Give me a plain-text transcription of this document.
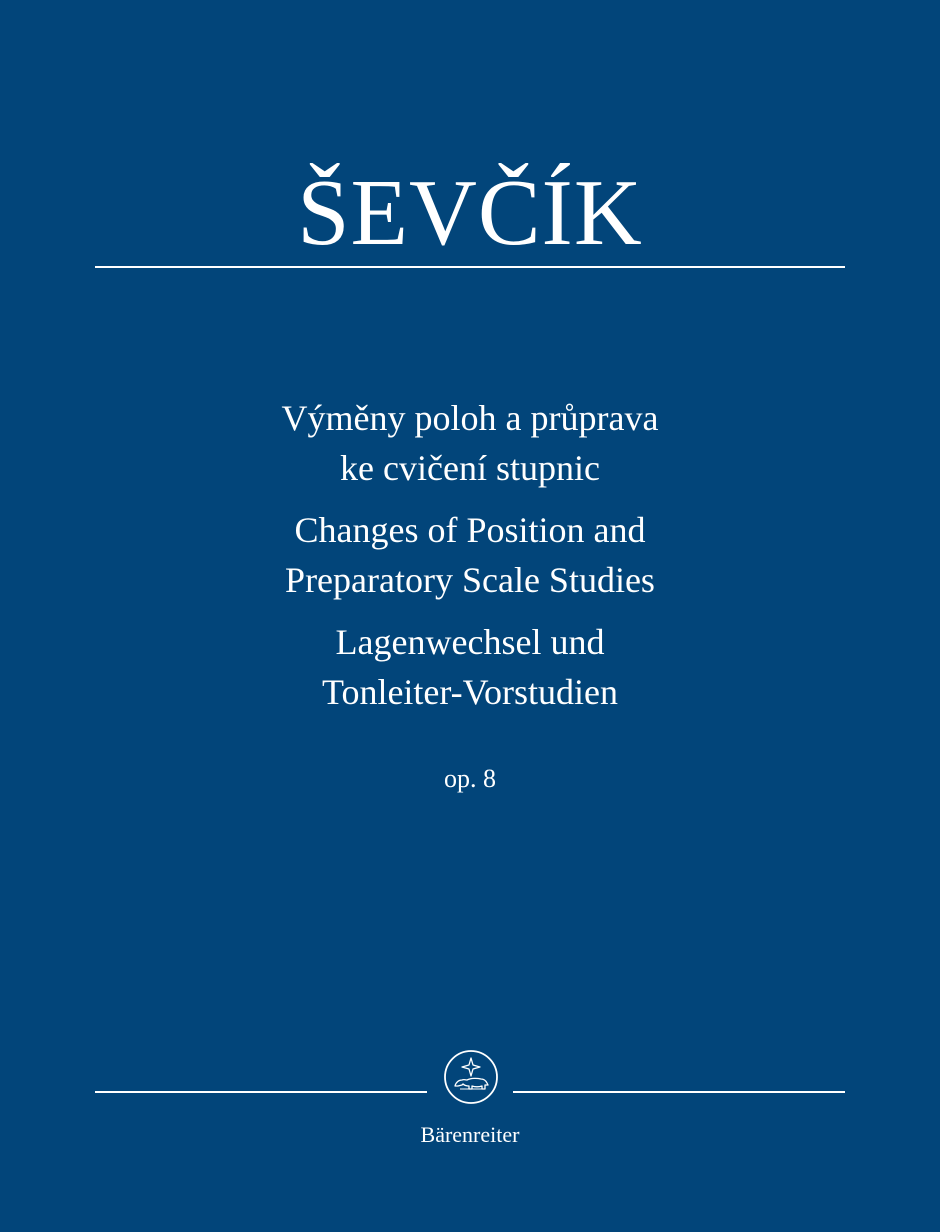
ŠEVČÍK
Výměny poloh a průprava
ke cvičení stupnic
Changes of Position and
Preparatory Scale Studies
Lagenwechsel und
Tonleiter-Vorstudien
op. 8
Bärenreiter
